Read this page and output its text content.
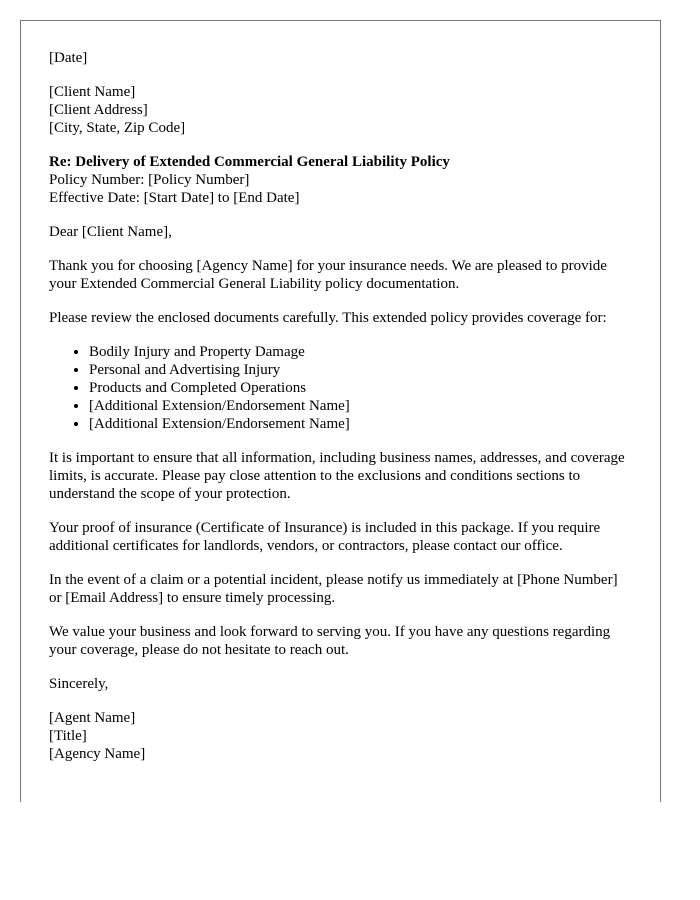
[Date]

[Client Name]
[Client Address]
[City, State, Zip Code]

Re: Delivery of Extended Commercial General Liability Policy
Policy Number: [Policy Number]
Effective Date: [Start Date] to [End Date]

Dear [Client Name],

Thank you for choosing [Agency Name] for your insurance needs. We are pleased to provide your Extended Commercial General Liability policy documentation.

Please review the enclosed documents carefully. This extended policy provides coverage for:

• Bodily Injury and Property Damage
• Personal and Advertising Injury
• Products and Completed Operations
• [Additional Extension/Endorsement Name]
• [Additional Extension/Endorsement Name]

It is important to ensure that all information, including business names, addresses, and coverage limits, is accurate. Please pay close attention to the exclusions and conditions sections to understand the scope of your protection.

Your proof of insurance (Certificate of Insurance) is included in this package. If you require additional certificates for landlords, vendors, or contractors, please contact our office.

In the event of a claim or a potential incident, please notify us immediately at [Phone Number] or [Email Address] to ensure timely processing.

We value your business and look forward to serving you. If you have any questions regarding your coverage, please do not hesitate to reach out.

Sincerely,

[Agent Name]
[Title]
[Agency Name]
